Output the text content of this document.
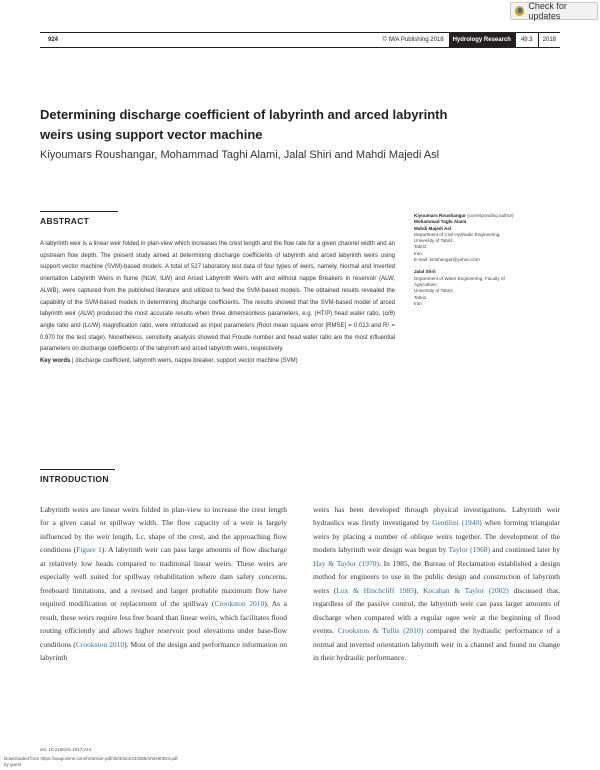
Check for updates
924	© IWA Publishing 2018	Hydrology Research	49.3	2018
Determining discharge coefficient of labyrinth and arced labyrinth weirs using support vector machine
Kiyoumars Roushangar, Mohammad Taghi Alami, Jalal Shiri and Mahdi Majedi Asl
ABSTRACT
A labyrinth weir is a linear weir folded in plan-view which increases the crest length and the flow rate for a given channel width and an upstream flow depth. The present study aimed at determining discharge coefficients of labyrinth and arced labyrinth weirs using support vector machine (SVM)-based models. A total of 527 laboratory test data of four types of weirs, namely, Normal and Inverted orientation Labyrinth Weirs in flume (NLW, ILW) and Arced Labyrinth Weirs with and without nappe Breakers in reservoir (ALW, ALWB), were captured from the published literature and utilized to feed the SVM-based models. The obtained results revealed the capability of the SVM-based models in determining discharge coefficients. The results showed that the SVM-based model of arced labyrinth weir (ALW) produced the most accurate results when three dimensionless parameters, e.g. (HT/P) head water ratio, (α/θ) angle ratio and (Lc/W) magnification ratio, were introduced as input parameters (Root mean square error [RMSE] = 0.013 and R² = 0.970 for the test stage). Nonetheless, sensitivity analysis showed that Froude number and head water ratio are the most influential parameters on discharge coefficients of the labyrinth and arced labyrinth weirs, respectively.
Key words | discharge coefficient, labyrinth weirs, nappe breaker, support vector machine (SVM)
Kiyoumars Roushangar (corresponding author)
Mohammad Taghi Alami
Mahdi Majedi Asl
Department of Civil Hydraulic Engineering,
University of Tabriz,
Tabriz,
Iran
E-mail: kroshangar@yahoo.com
Jalal Shiri
Department of Water Engineering, Faculty of
Agriculture,
University of Tabriz,
Tabriz,
Iran
INTRODUCTION
Labyrinth weirs are linear weirs folded in plan-view to increase the crest length for a given canal or spillway width. The flow capacity of a weir is largely influenced by the weir length, Lc, shape of the crest, and the approaching flow conditions (Figure 1). A labyrinth weir can pass large amounts of flow discharge at relatively low heads compared to traditional linear weirs. These weirs are especially well suited for spillway rehabilitation where dam safety concerns, freeboard limitations, and a revised and larger probable maximum flow have required modification or replacement of the spillway (Crookston 2010). As a result, these weirs require less free board than linear weirs, which facilitates flood routing efficiently and allows higher reservoir pool elevations under base-flow conditions (Crookston 2010). Most of the design and performance information on labyrinth
weirs has been developed through physical investigations. Labyrinth weir hydraulics was firstly investigated by Gentilini (1940) when forming triangular weirs by placing a number of oblique weirs together. The development of the modern labyrinth weir design was begun by Taylor (1968) and continued later by Hay & Taylor (1970). In 1985, the Bureau of Reclamation established a design method for engineers to use in the public design and construction of labyrinth weirs (Lux & Hinchcliff 1985). Kocahan & Taylor (2002) discussed that, regardless of the passive control, the labyrinth weir can pass larger amounts of discharge when compared with a regular ogee weir at the beginning of flood events. Crookston & Tullis (2010) compared the hydraulic performance of a normal and inverted orientation labyrinth weir in a channel and found no change in their hydraulic performance.
doi: 10.2166/nh.2017.214
Downloaded from https://iwaponline.com/hr/article-pdf/49/3/924/234355/nh0490924.pdf
by guest
